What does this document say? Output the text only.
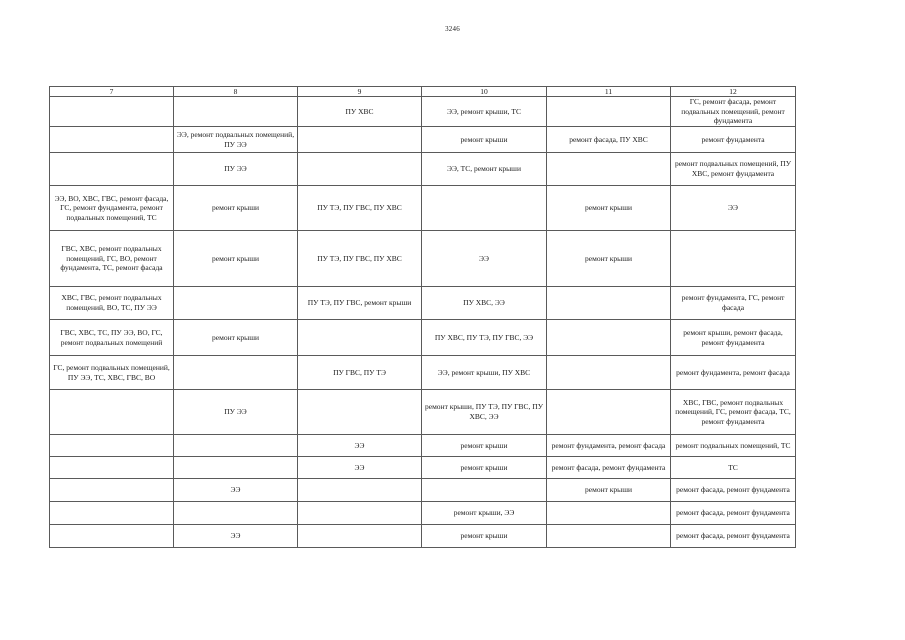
3246
7	8	9	10	11	12
		ПУ ХВС	ЭЭ, ремонт крыши, ТС		ГС, ремонт фасада, ремонт подвальных помещений, ремонт фундамента
	ЭЭ, ремонт подвальных помещений, ПУ ЭЭ		ремонт крыши	ремонт фасада, ПУ ХВС	ремонт фундамента
	ПУ ЭЭ		ЭЭ, ТС, ремонт крыши		ремонт подвальных помещений, ПУ ХВС, ремонт фундамента
ЭЭ, ВО, ХВС, ГВС, ремонт фасада, ГС, ремонт фундамента, ремонт подвальных помещений, ТС	ремонт крыши	ПУ ТЭ, ПУ ГВС, ПУ ХВС		ремонт крыши	ЭЭ
ГВС, ХВС, ремонт подвальных помещений, ГС, ВО, ремонт фундамента, ТС, ремонт фасада	ремонт крыши	ПУ ТЭ, ПУ ГВС, ПУ ХВС	ЭЭ	ремонт крыши	
ХВС, ГВС, ремонт подвальных помещений, ВО, ТС, ПУ ЭЭ		ПУ ТЭ, ПУ ГВС, ремонт крыши	ПУ ХВС, ЭЭ		ремонт фундамента, ГС, ремонт фасада
ГВС, ХВС, ТС, ПУ ЭЭ, ВО, ГС, ремонт подвальных помещений	ремонт крыши		ПУ ХВС, ПУ ТЭ, ПУ ГВС, ЭЭ		ремонт крыши, ремонт фасада, ремонт фундамента
ГС, ремонт подвальных помещений, ПУ ЭЭ, ТС, ХВС, ГВС, ВО		ПУ ГВС, ПУ ТЭ	ЭЭ, ремонт крыши, ПУ ХВС		ремонт фундамента, ремонт фасада
	ПУ ЭЭ		ремонт крыши, ПУ ТЭ, ПУ ГВС, ПУ ХВС, ЭЭ		ХВС, ГВС, ремонт подвальных помещений, ГС, ремонт фасада, ТС, ремонт фундамента
		ЭЭ	ремонт крыши	ремонт фундамента, ремонт фасада	ремонт подвальных помещений, ТС
		ЭЭ	ремонт крыши	ремонт фасада, ремонт фундамента	ТС
	ЭЭ			ремонт крыши	ремонт фасада, ремонт фундамента
			ремонт крыши, ЭЭ		ремонт фасада, ремонт фундамента
	ЭЭ		ремонт крыши		ремонт фасада, ремонт фундамента
